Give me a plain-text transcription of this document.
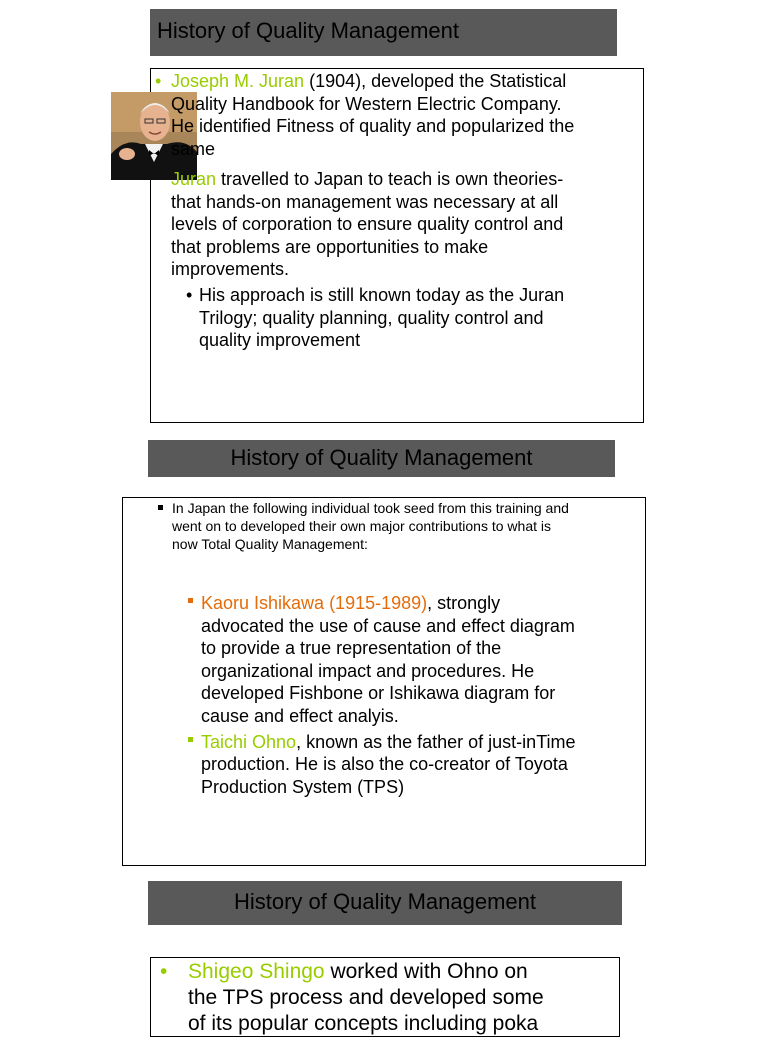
History of Quality Management
• Joseph M. Juran (1904), developed the Statistical

Quality Handbook for Western Electric Company.

He identified Fitness of quality and popularized the

same

Juran travelled to Japan to teach is own theories-

that hands-on management was necessary at all

levels of corporation to ensure quality control and

that problems are opportunities to make

improvements.

• His approach is still known today as the Juran

Trilogy; quality planning, quality control and

quality improvement

History of Quality Management

In Japan the following individual took seed from this training and

went on to developed their own major contributions to what is

now Total Quality Management:

Kaoru Ishikawa (1915-1989), strongly

advocated the use of cause and effect diagram

to provide a true representation of the

organizational impact and procedures. He

developed Fishbone or Ishikawa diagram for

cause and effect analyis.

Taichi Ohno, known as the father of just-inTime

production. He is also the co-creator of Toyota

Production System (TPS)

History of Quality Management
• Shigeo Shingo worked with Ohno on

the TPS process and developed some

of its popular concepts including poka
